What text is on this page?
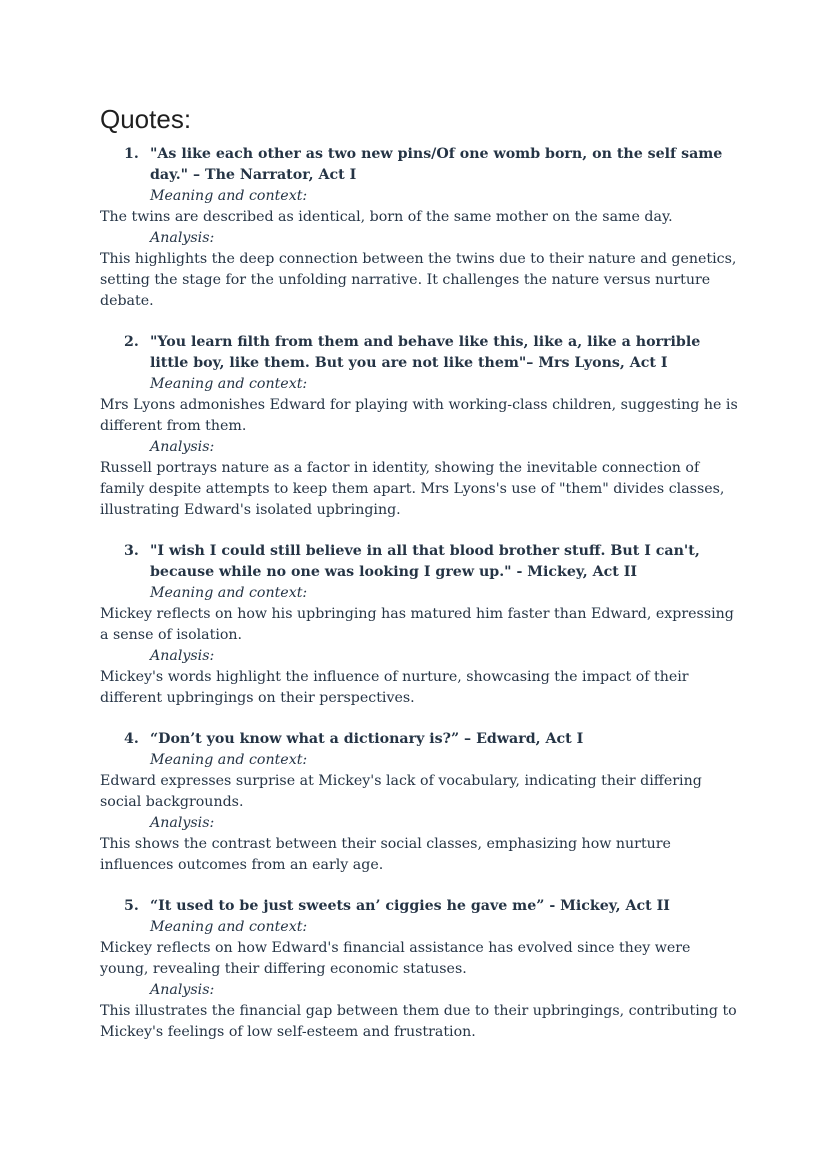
Quotes:
1. "As like each other as two new pins/Of one womb born, on the self same day." – The Narrator, Act I
Meaning and context:

The twins are described as identical, born of the same mother on the same day.

Analysis:

This highlights the deep connection between the twins due to their nature and genetics, setting the stage for the unfolding narrative. It challenges the nature versus nurture debate.

2. "You learn filth from them and behave like this, like a, like a horrible little boy, like them. But you are not like them"– Mrs Lyons, Act I
Meaning and context:

Mrs Lyons admonishes Edward for playing with working-class children, suggesting he is different from them.

Analysis:

Russell portrays nature as a factor in identity, showing the inevitable connection of family despite attempts to keep them apart. Mrs Lyons's use of "them" divides classes, illustrating Edward's isolated upbringing.

3. "I wish I could still believe in all that blood brother stuff. But I can't, because while no one was looking I grew up." - Mickey, Act II
Meaning and context:

Mickey reflects on how his upbringing has matured him faster than Edward, expressing a sense of isolation.

Analysis:

Mickey's words highlight the influence of nurture, showcasing the impact of their different upbringings on their perspectives.

4. “Don’t you know what a dictionary is?” – Edward, Act I
Meaning and context:

Edward expresses surprise at Mickey's lack of vocabulary, indicating their differing social backgrounds.

Analysis:

This shows the contrast between their social classes, emphasizing how nurture influences outcomes from an early age.

5. “It used to be just sweets an’ ciggies he gave me” - Mickey, Act II
Meaning and context:

Mickey reflects on how Edward's financial assistance has evolved since they were young, revealing their differing economic statuses.

Analysis:

This illustrates the financial gap between them due to their upbringings, contributing to Mickey's feelings of low self-esteem and frustration.
